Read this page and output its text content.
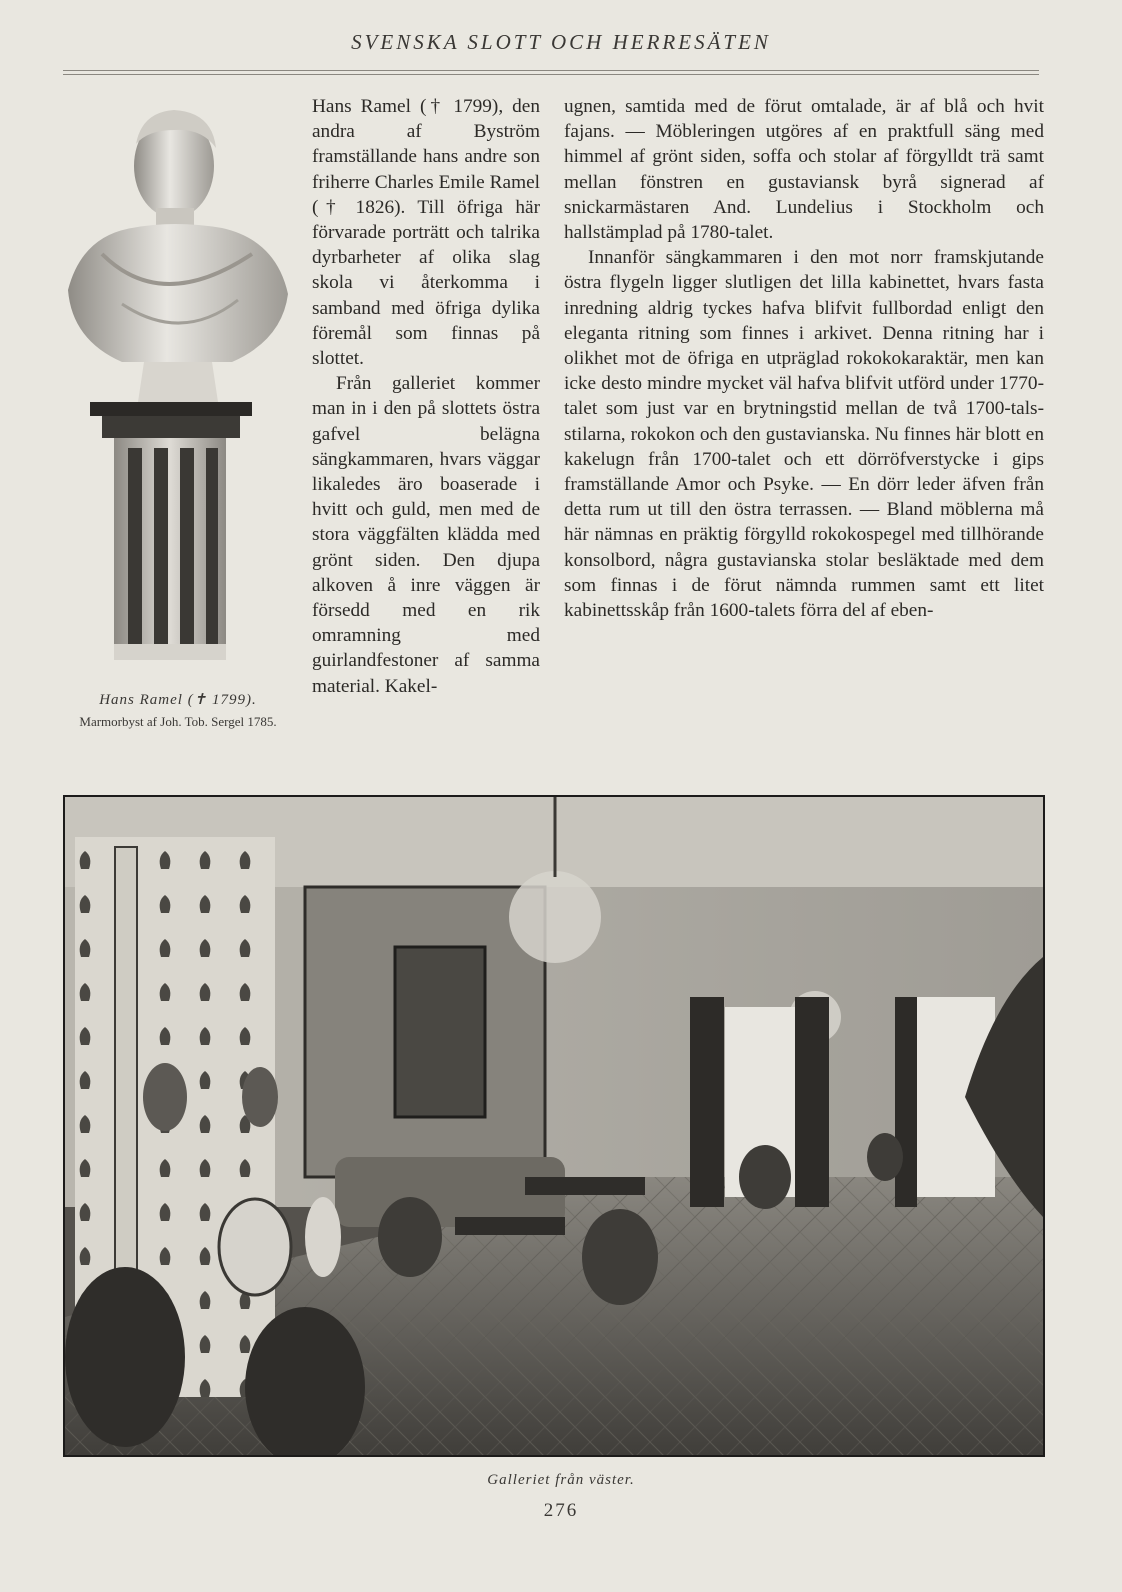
SVENSKA SLOTT OCH HERRESÄTEN
Hans Ramel (✝ 1799).
Marmorbyst af Joh. Tob. Sergel 1785.

Hans Ramel († 1799), den andra af Byström framställande hans andre son friherre Charles Emile Ramel († 1826). Till öfriga här förvarade porträtt och talrika dyrbarheter af olika slag skola vi återkomma i samband med öfriga dylika föremål som finnas på slottet.

Från galleriet kommer man in i den på slottets östra gafvel belägna sängkammaren, hvars väggar likaledes äro boaserade i hvitt och guld, men med de stora väggfälten klädda med grönt siden. Den djupa alkoven å inre väggen är försedd med en rik omramning med guirlandfestoner af samma material. Kakel-

ugnen, samtida med de förut omtalade, är af blå och hvit fajans. — Möbleringen utgöres af en praktfull säng med himmel af grönt siden, soffa och stolar af förgylldt trä samt mellan fönstren en gustaviansk byrå signerad af snickarmästaren And. Lundelius i Stockholm och hallstämplad på 1780-talet.

Innanför sängkammaren i den mot norr framskjutande östra flygeln ligger slutligen det lilla kabinettet, hvars fasta inredning aldrig tyckes hafva blifvit fullbordad enligt den eleganta ritning som finnes i arkivet. Denna ritning har i olikhet mot de öfriga en utpräglad rokokokaraktär, men kan icke desto mindre mycket väl hafva blifvit utförd under 1770-talet som just var en brytningstid mellan de två 1700-tals-stilarna, rokokon och den gustavianska. Nu finnes här blott en kakelugn från 1700-talet och ett dörröfverstycke i gips framställande Amor och Psyke. — En dörr leder äfven från detta rum ut till den östra terrassen. — Bland möblerna må här nämnas en präktig förgylld rokokospegel med tillhörande konsolbord, några gustavianska stolar besläktade med dem som finnas i de förut nämnda rummen samt ett litet kabinettsskåp från 1600-talets förra del af eben-

Galleriet från väster.
276
